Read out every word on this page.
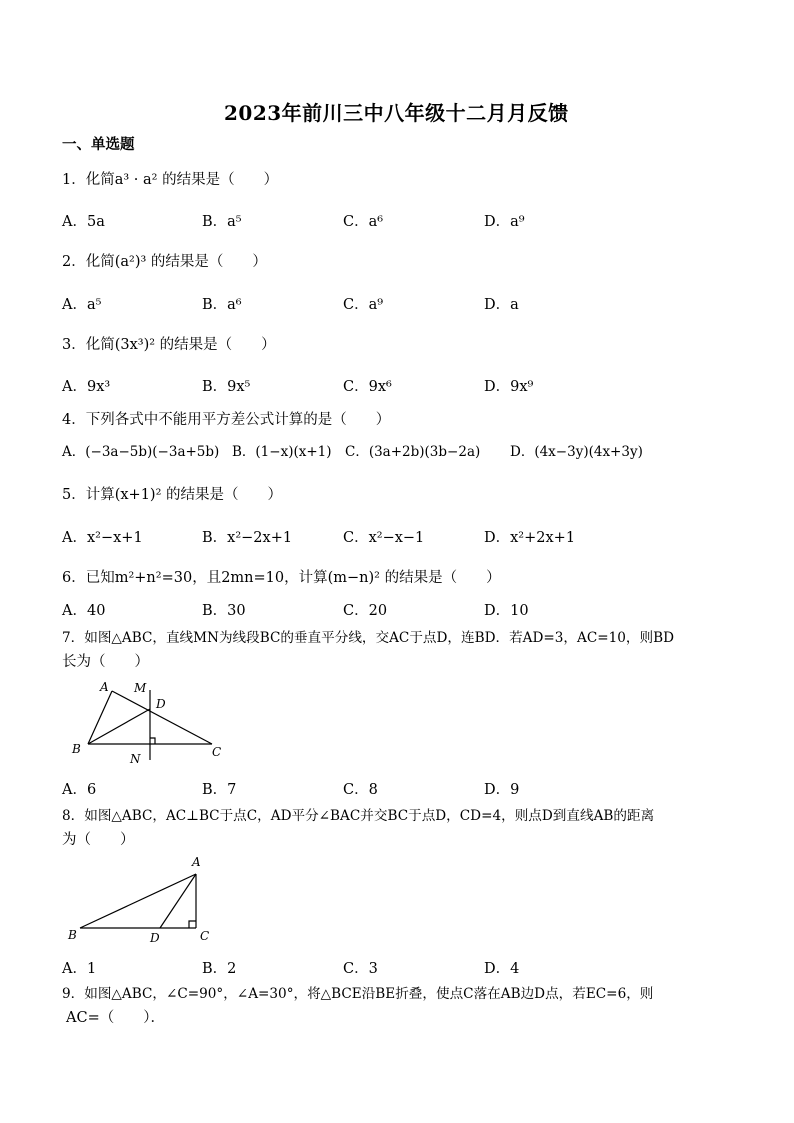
2023年前川三中八年级十二月月反馈
一、单选题
1．化简a³ · a² 的结果是（　　）
A．5a	B．a⁵	C．a⁶	D．a⁹
2．化简(a²)³ 的结果是（　　）
A．a⁵	B．a⁶	C．a⁹	D．a
3．化简(3x³)² 的结果是（　　）
A．9x³	B．9x⁵	C．9x⁶	D．9x⁹
4．下列各式中不能用平方差公式计算的是（　　）
A．(−3a−5b)(−3a+5b) B．(1−x)(x+1) C．(3a+2b)(3b−2a) D．(4x−3y)(4x+3y)
5．计算(x+1)² 的结果是（　　）
A．x²−x+1	B．x²−2x+1	C．x²−x−1	D．x²+2x+1
6．已知m²+n²=30，且2mn=10，计算(m−n)² 的结果是（　　）
A．40	B．30	C．20	D．10
7．如图△ABC，直线MN为线段BC的垂直平分线，交AC于点D，连BD．若AD=3，AC=10，则BD
长为（　　）
A M
D
B
N	C
A．6	B．7	C．8	D．9
8．如图△ABC，AC⊥BC于点C，AD平分∠BAC并交BC于点D，CD=4，则点D到直线AB的距离
为（　　）
A
B	D	C
A．1	B．2	C．3	D．4
9．如图△ABC，∠C=90°，∠A=30°，将△BCE沿BE折叠，使点C落在AB边D点，若EC=6，则
AC=（　　）．
